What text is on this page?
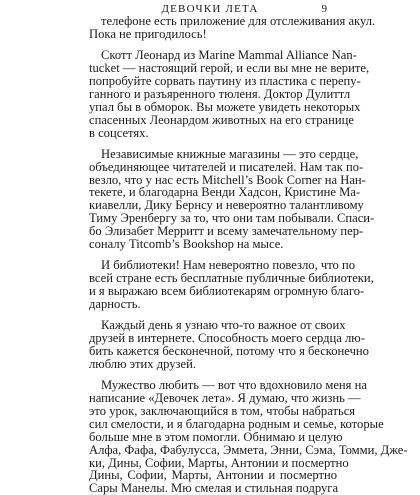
ДЕВОЧКИ ЛЕТА	9
телефоне есть приложение для отслеживания акул.
Пока не пригодилось!
Скотт Леонард из Marine Mammal Alliance Nan-
tucket — настоящий герой, и если вы мне не верите,
попробуйте сорвать паутину из пластика с перепу-
ганного и разъяренного тюленя. Доктор Дулиттл
упал бы в обморок. Вы можете увидеть некоторых
спасенных Леонардом животных на его странице
в соцсетях.
Независимые книжные магазины — это сердце,
объединяющее читателей и писателей. Нам так по-
везло, что у нас есть Mitchell’s Book Corner на Нан-
текете, и благодарна Венди Хадсон, Кристине Ма-
киавелли, Дику Бернсу и невероятно талантливому
Тиму Эренбергу за то, что они там побывали. Спаси-
бо Элизабет Мерритт и всему замечательному пер-
соналу Titcomb’s Bookshop на мысе.
И библиотеки! Нам невероятно повезло, что по
всей стране есть бесплатные публичные библиотеки,
и я выражаю всем библиотекарям огромную благо-
дарность.
Каждый день я узнаю что-то важное от своих
друзей в интернете. Способность моего сердца лю-
бить кажется бесконечной, потому что я бесконечно
люблю этих друзей.
Мужество любить — вот что вдохновило меня на
написание «Девочек лета». Я думаю, что жизнь —
это урок, заключающийся в том, чтобы набраться
сил смелости, и я благодарна родным и семье, которые
больше мне в этом помогли. Обнимаю и целую
Алфа, Фафа, Фабулусса, Эммета, Энни, Сэма, Томми, Дже-
ки, Дины, Софии, Марты, Антонии и посмертно
Дины, Софии, Марты, Антонии и посмертно
Сары Манелы. Мю смелая и стильная подруга
